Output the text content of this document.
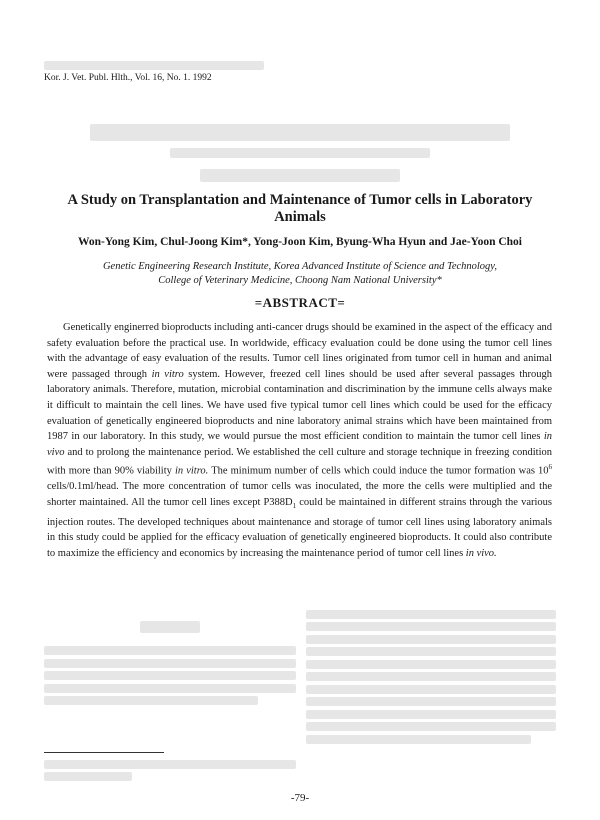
Kor. J. Vet. Publ. Hlth., Vol. 16, No. 1. 1992
A Study on Transplantation and Maintenance of Tumor cells in Laboratory Animals
Won-Yong Kim, Chul-Joong Kim*, Yong-Joon Kim, Byung-Wha Hyun and Jae-Yoon Choi
Genetic Engineering Research Institute, Korea Advanced Institute of Science and Technology,
College of Veterinary Medicine, Choong Nam National University*
=ABSTRACT=

Genetically enginerred bioproducts including anti-cancer drugs should be examined in the aspect of the efficacy and safety evaluation before the practical use. In worldwide, efficacy evaluation could be done using the tumor cell lines with the advantage of easy evaluation of the results. Tumor cell lines originated from tumor cell in human and animal were passaged through in vitro system. However, freezed cell lines should be used after several passages through laboratory animals. Therefore, mutation, microbial contamination and discrimination by the immune cells always make it difficult to maintain the cell lines. We have used five typical tumor cell lines which could be used for the efficacy evaluation of genetically engineered bioproducts and nine laboratory animal strains which have been maintained from 1987 in our laboratory. In this study, we would pursue the most efficient condition to maintain the tumor cell lines in vivo and to prolong the maintenance period. We established the cell culture and storage technique in freezing condition with more than 90% viability in vitro. The minimum number of cells which could induce the tumor formation was $10^6$ cells/0.1ml/head. The more concentration of tumor cells was inoculated, the more the cells were multiplied and the shorter maintained. All the tumor cell lines except $P388D_1$ could be maintained in different strains through the various injection routes. The developed techniques about maintenance and storage of tumor cell lines using laboratory animals in this study could be applied for the efficacy evaluation of genetically engineered bioproducts. It could also contribute to maximize the efficiency and economics by increasing the maintenance period of tumor cell lines in vivo.

-79-
